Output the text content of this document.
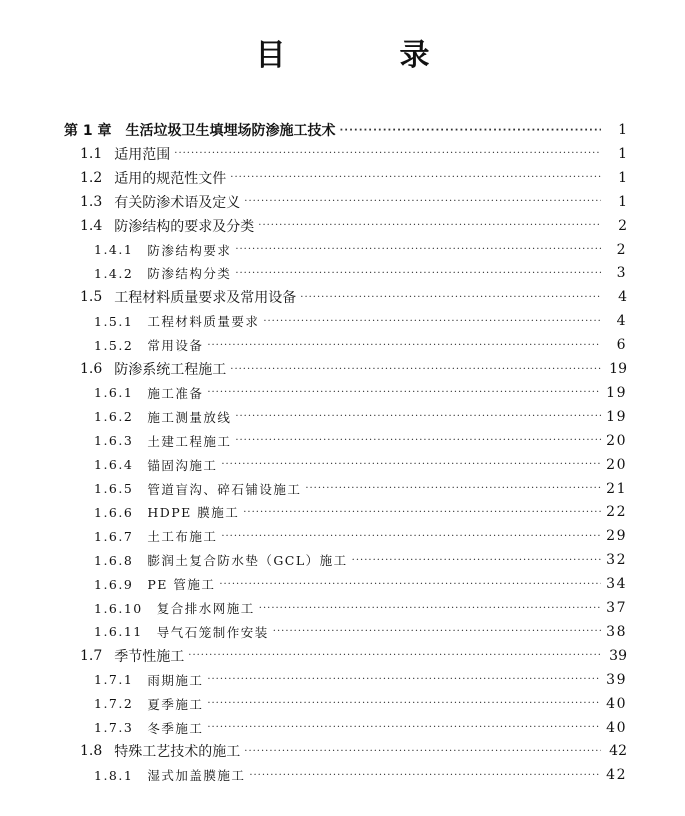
目　录
第 1 章 生活垃圾卫生填埋场防渗施工技术 ·····	1
1.1 适用范围 ·····	1
1.2 适用的规范性文件 ·····	1
1.3 有关防渗术语及定义 ·····	1
1.4 防渗结构的要求及分类 ·····	2
1.4.1 防渗结构要求 ·····	2
1.4.2 防渗结构分类 ·····	3
1.5 工程材料质量要求及常用设备 ·····	4
1.5.1 工程材料质量要求 ·····	4
1.5.2 常用设备 ·····	6
1.6 防渗系统工程施工 ·····	19
1.6.1 施工准备 ·····	19
1.6.2 施工测量放线 ·····	19
1.6.3 土建工程施工 ·····	20
1.6.4 锚固沟施工 ·····	20
1.6.5 管道盲沟、碎石铺设施工 ·····	21
1.6.6 HDPE 膜施工 ·····	22
1.6.7 土工布施工 ·····	29
1.6.8 膨润土复合防水垫（GCL）施工 ·····	32
1.6.9 PE 管施工 ·····	34
1.6.10 复合排水网施工 ·····	37
1.6.11 导气石笼制作安装 ·····	38
1.7 季节性施工 ·····	39
1.7.1 雨期施工 ·····	39
1.7.2 夏季施工 ·····	40
1.7.3 冬季施工 ·····	40
1.8 特殊工艺技术的施工 ·····	42
1.8.1 湿式加盖膜施工 ·····	42
